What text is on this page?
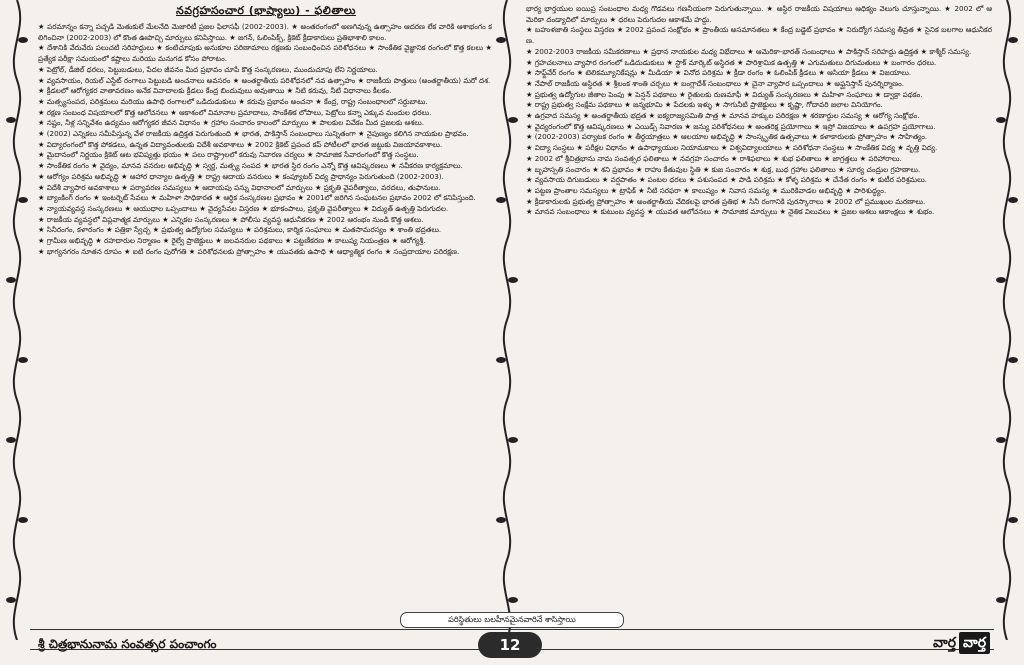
నవగ్రహసంచార (భాష్యాలు) - ఫలితాలు

★ పరమాన్నం కన్నా పచ్చడి మెతుకులే మేలనేది మెజారిటీ ప్రజల ఫిలాసఫీ (2002-2003). ★ అంతరంగంలో అణగివున్న ఉత్సాహం ఆదరణ లేక వారికి ఆశాభంగం కలిగించినా (2002-2003) లో కొంత ఊపొచ్చి మార్పులు కనిపిస్తాయి. ★ జగన్, ఓలింపిక్స్, క్రికెట్ క్రీడాకారులు ప్రతిభాశాలి కాలం.

★ దేశానికి వేరువేరు పలుచటి సరిహద్దులు ★ కంటిచూపుకు అనుకూల పరిణామాలు రక్షణకు సంబంధించిన పరిశోధనలు ★ సాంకేతిక వైజ్ఞానిక రంగంలో కొత్త కలలు ★ ప్రత్యేక పరీక్షా సమయంలో కష్టాలు మరియు మనుగడ కోసం పోరాటం.

★ పెట్రోల్, డీజిల్ ధరలు, పెట్టుబడులు, పేదల జీవనం మీద ప్రభావం చూపే కొత్త సంస్కరణలు, ముందుచూపు లేని నిర్ణయాలు.

★ వ్యవసాయం, రియల్ ఎస్టేట్ రంగాలు పెట్టుబడి అంచనాలు అవసరం ★ అంతర్జాతీయ పరిశోధనలో నవ ఉత్సాహం ★ రాజకీయ పొత్తులు (అంతర్జాతీయ) మరో దశ.

★ క్రీడలలో ఆరోగ్యకర వాతావరణం అనేక వివాదాలకు క్రీడలు కేంద్ర బిందువులు అవుతాయి ★ నీటి కరువు, నీటి విధానాలు కీలకం.

★ మత్స్యసంపద, పరిశ్రమలు మరియు ఉపాధి రంగాలలో ఒడిదుడుకులు ★ కరువు ప్రభావం అంచనా ★ కేంద్ర, రాష్ట్ర సంబంధాలలో సర్దుబాటు.

★ రక్షణ సంబంధ విషయాలలో కొత్త ఆలోచనలు ★ ఆకాశంలో విమానాల ప్రమాదాలు, సాంకేతిక లోపాలు, పెట్రోలు కన్నా ఎక్కువ మందుల ధరలు.

★ నష్టం, నీళ్ల సన్నివేశం ఉద్యమం ఆరోగ్యకర జీవన విధానం ★ గ్రహాల సంచారం కాలంలో మార్పులు ★ పాలకుల వివేకం మీద ప్రజలకు ఆశలు.

★ (2002) ఎన్నికలు సమీపిస్తున్న వేళ రాజకీయ ఉద్రిక్తత పెరుగుతుంది ★ భారత, పాకిస్తాన్ సంబంధాలు సున్నితంగా ★ నైపుణ్యం కలిగిన నాయకుల ప్రాభవం.

★ విద్యారంగంలో కొత్త పోకడలు, ఉన్నత విద్యావంతులకు విదేశీ అవకాశాలు ★ 2002 క్రికెట్ ప్రపంచ కప్ పోటీలలో భారత జట్టుకు విజయావకాశాలు.

★ మైదానంలో నిర్ణయం క్రికెట్ ఆట భవిష్యత్తు భయం ★ పలు రాష్ట్రాలలో కరువు నివారణ చర్యలు ★ సామాజిక సేవారంగంలో కొత్త సంస్థలు.

★ సాంకేతిక రంగం ★ వైద్యం, మానవ వనరుల అభివృద్ధి ★ స్వర్ణ, మత్స్య సంపద ★ భారత స్థిర రంగం ఎన్నో కొత్త ఆవిష్కరణలు ★ నవీకరణ కార్యక్రమాలు.

★ ఆరోగ్యం పరిశ్రమ అభివృద్ధి ★ ఆహార ధాన్యాల ఉత్పత్తి ★ రాష్ట్ర ఆదాయ వనరులు ★ కంప్యూటర్ విద్య ప్రాధాన్యం పెరుగుతుంది (2002-2003).

★ విదేశీ వ్యాపార అవకాశాలు ★ పర్యావరణ సమస్యలు ★ ఆదాయపు పన్ను విధానాలలో మార్పులు ★ ప్రకృతి వైపరీత్యాలు, వరదలు, తుఫానులు.

★ బ్యాంకింగ్ రంగం ★ ఇంటర్నెట్ సేవలు ★ మహిళా సాధికారత ★ ఆర్థిక సంస్కరణల ప్రభావం ★ 2001లో జరిగిన సంఘటనల ప్రభావం 2002 లో కనిపిస్తుంది.

★ న్యాయవ్యవస్థ సంస్కరణలు ★ ఆయుధాల ఒప్పందాలు ★ వైద్యసేవల విస్తరణ ★ భూకంపాలు, ప్రకృతి వైపరీత్యాలు ★ విద్యుత్ ఉత్పత్తి పెరుగుదల.

★ రాజకీయ వ్యవస్థలో విప్లవాత్మక మార్పులు ★ ఎన్నికల సంస్కరణలు ★ పోలీసు వ్యవస్థ ఆధునీకరణ ★ 2002 ఆరంభం నుండి కొత్త ఆశలు.

★ సినీరంగం, కళారంగం ★ పత్రికా స్వేచ్ఛ ★ ప్రభుత్వ ఉద్యోగుల సమస్యలు ★ పరిశ్రమలు, కార్మిక సంఘాలు ★ మతసామరస్యం ★ శాంతి భద్రతలు.

★ గ్రామీణ అభివృద్ధి ★ రహదారుల నిర్మాణం ★ రైల్వే ప్రాజెక్టులు ★ జలవనరుల పథకాలు ★ పట్టణీకరణ ★ కాలుష్య నియంత్రణ ★ ఆరోగ్యశ్రీ.

★ భాగ్యనగరం నూతన రూపం ★ ఐటి రంగం పురోగతి ★ పరిశోధనలకు ప్రోత్సాహం ★ యువతకు ఉపాధి ★ ఆధ్యాత్మిక రంగం ★ సంప్రదాయాల పరిరక్షణ.

భార్య భార్తయుల ఐయిప్ర సంబంధాల మధ్య గొడవలు గణనీయంగా పెరుగుతున్నాయి. ★ అస్థిర రాజకీయ విషయాలు ఆధిక్యం వెలుగు చూస్తున్నాయి. ★ 2002 లో ఆమెరికా దండ్యాదిలో మార్పులు ★ ధరలు పెరుగుదల ఆకాశమే హద్దు.

★ బహుళజాతి సంస్థలు విస్తరణ ★ 2002 ప్రపంచ సంక్షోభం ★ ప్రాంతీయ అసమానతలు ★ కేంద్ర బడ్జెట్ ప్రభావం ★ నిరుద్యోగ సమస్య తీవ్రత ★ సైనిక బలగాల ఆధునీకరణ.

★ 2002-2003 రాజకీయ సమీకరణాలు ★ ప్రధాన నాయకుల మధ్య విభేదాలు ★ ఆమెరికా-భారత్ సంబంధాలు ★ పాకిస్తాన్ సరిహద్దు ఉద్రిక్తత ★ కాశ్మీర్ సమస్య.

★ గ్రహచలనాలు వ్యాపార రంగంలో ఒడిదుడుకులు ★ స్టాక్ మార్కెట్ అస్థిరత ★ పారిశ్రామిక ఉత్పత్తి ★ ఎగుమతులు దిగుమతులు ★ బంగారం ధరలు.

★ సాఫ్ట్‌వేర్ రంగం ★ టెలికమ్యూనికేషన్లు ★ మీడియా ★ వినోద పరిశ్రమ ★ క్రీడా రంగం ★ ఓలింపిక్ క్రీడలు ★ ఆసియా క్రీడలు ★ విజయాలు.

★ నేపాల్ రాజకీయ అస్థిరత ★ శ్రీలంక శాంతి చర్చలు ★ బంగ్లాదేశ్ సంబంధాలు ★ చైనా వ్యాపార ఒప్పందాలు ★ అఫ్ఘనిస్తాన్ పునర్నిర్మాణం.

★ ప్రభుత్వ ఉద్యోగుల జీతాల పెంపు ★ పెన్షన్ పథకాలు ★ రైతులకు రుణమాఫీ ★ విద్యుత్ సంస్కరణలు ★ మహిళా సంఘాలు ★ డ్వాక్రా పథకం.

★ రాష్ట్ర ప్రభుత్వ సంక్షేమ పథకాలు ★ జన్మభూమి ★ పేదలకు ఇళ్ళు ★ సాగునీటి ప్రాజెక్టులు ★ కృష్ణా, గోదావరి జలాల వినియోగం.

★ ఉగ్రవాద సమస్య ★ అంతర్జాతీయ భద్రత ★ ఐక్యరాజ్యసమితి పాత్ర ★ మానవ హక్కుల పరిరక్షణ ★ శరణార్థుల సమస్య ★ ఆరోగ్య సంక్షోభం.

★ వైద్యరంగంలో కొత్త ఆవిష్కరణలు ★ ఎయిడ్స్ నివారణ ★ జన్యు పరిశోధనలు ★ అంతరిక్ష ప్రయోగాలు ★ ఇస్రో విజయాలు ★ ఉపగ్రహ ప్రయోగాలు.

★ (2002-2003) పర్యాటక రంగం ★ తీర్థయాత్రలు ★ ఆలయాల అభివృద్ధి ★ సాంస్కృతిక ఉత్సవాలు ★ కళాకారులకు ప్రోత్సాహం ★ సాహిత్యం.

★ విద్యా సంస్థలు ★ పరీక్షల విధానం ★ ఉపాధ్యాయుల నియామకాలు ★ విశ్వవిద్యాలయాలు ★ పరిశోధనా సంస్థలు ★ సాంకేతిక విద్య ★ వృత్తి విద్య.

★ 2002 లో శ్రీచిత్రభాను నామ సంవత్సర ఫలితాలు ★ నవగ్రహ సంచారం ★ రాశిఫలాలు ★ శుభ ఫలితాలు ★ జాగ్రత్తలు ★ పరిహారాలు.

★ బృహస్పతి సంచారం ★ శని ప్రభావం ★ రాహు కేతువుల స్థితి ★ కుజ సంచారం ★ శుక్ర, బుధ గ్రహాల ఫలితాలు ★ సూర్య చంద్రుల గ్రహణాలు.

★ వ్యవసాయ దిగుబడులు ★ వర్షపాతం ★ పంటల ధరలు ★ పశుసంపద ★ పాడి పరిశ్రమ ★ కోళ్ళ పరిశ్రమ ★ చేనేత రంగం ★ కుటీర పరిశ్రమలు.

★ పట్టణ ప్రాంతాల సమస్యలు ★ ట్రాఫిక్ ★ నీటి సరఫరా ★ కాలుష్యం ★ నివాస సమస్య ★ మురికివాడల అభివృద్ధి ★ పారిశుద్ధ్యం.

★ క్రీడాకారులకు ప్రభుత్వ ప్రోత్సాహం ★ అంతర్జాతీయ వేదికలపై భారత ప్రతిభ ★ సినీ రంగానికి పురస్కారాలు ★ 2002 లో ప్రముఖుల మరణాలు.

★ మానవ సంబంధాలు ★ కుటుంబ వ్యవస్థ ★ యువత ఆలోచనలు ★ సామాజిక మార్పులు ★ నైతిక విలువలు ★ ప్రజల ఆశలు ఆకాంక్షలు ★ శుభం.

పరిస్థితులు బలహీనమైనవారినే శాసిస్తాయి
శ్రీ చిత్రభానునామ సంవత్సర పంచాంగం	12	వార్త వార్త
